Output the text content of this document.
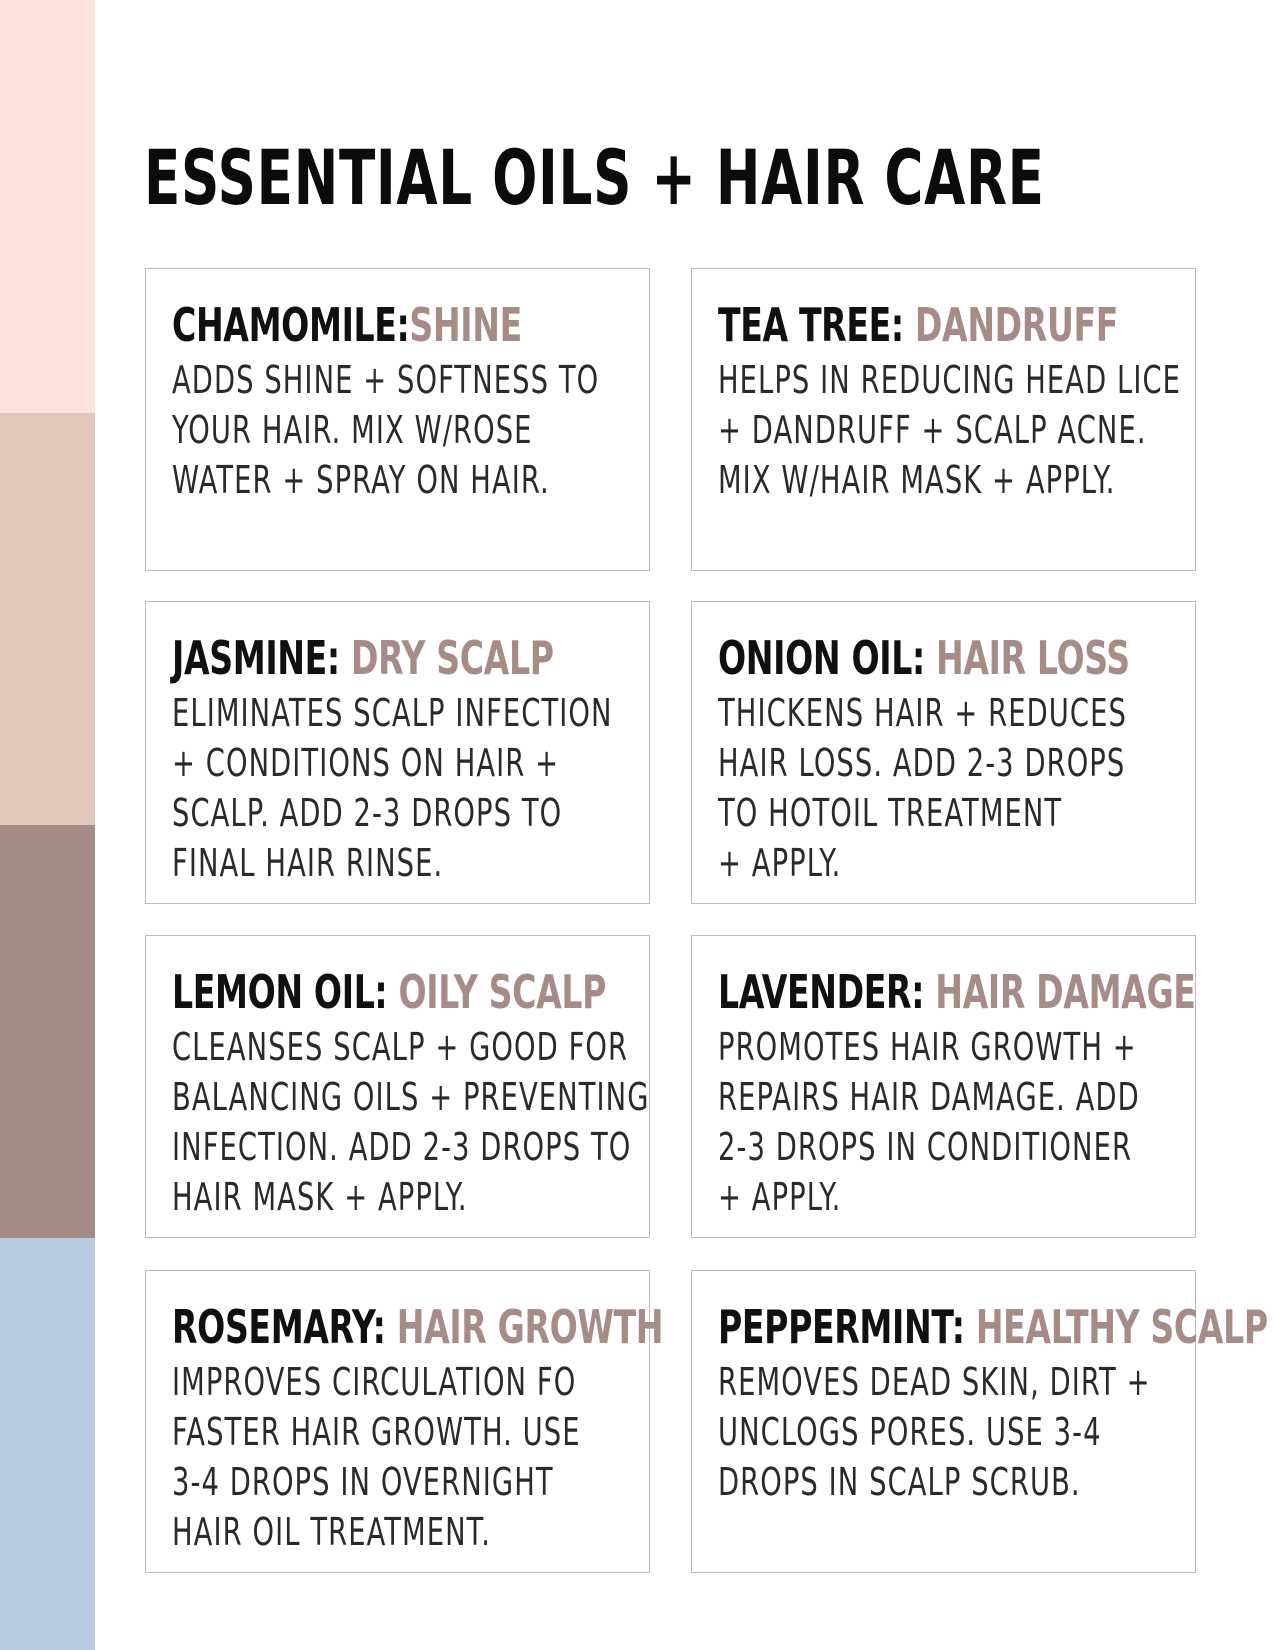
ESSENTIAL OILS + HAIR CARE
CHAMOMILE:SHINE
ADDS SHINE + SOFTNESS TO
YOUR HAIR. MIX W/ROSE
WATER + SPRAY ON HAIR.
TEA TREE: DANDRUFF
HELPS IN REDUCING HEAD LICE
+ DANDRUFF + SCALP ACNE.
MIX W/HAIR MASK + APPLY.
JASMINE: DRY SCALP
ELIMINATES SCALP INFECTION
+ CONDITIONS ON HAIR +
SCALP. ADD 2-3 DROPS TO
FINAL HAIR RINSE.
ONION OIL: HAIR LOSS
THICKENS HAIR + REDUCES
HAIR LOSS. ADD 2-3 DROPS
TO HOTOIL TREATMENT
+ APPLY.
LEMON OIL: OILY SCALP
CLEANSES SCALP + GOOD FOR
BALANCING OILS + PREVENTING
INFECTION. ADD 2-3 DROPS TO
HAIR MASK + APPLY.
LAVENDER: HAIR DAMAGE
PROMOTES HAIR GROWTH +
REPAIRS HAIR DAMAGE. ADD
2-3 DROPS IN CONDITIONER
+ APPLY.
ROSEMARY: HAIR GROWTH
IMPROVES CIRCULATION FO
FASTER HAIR GROWTH. USE
3-4 DROPS IN OVERNIGHT
HAIR OIL TREATMENT.
PEPPERMINT: HEALTHY SCALP
REMOVES DEAD SKIN, DIRT +
UNCLOGS PORES. USE 3-4
DROPS IN SCALP SCRUB.
